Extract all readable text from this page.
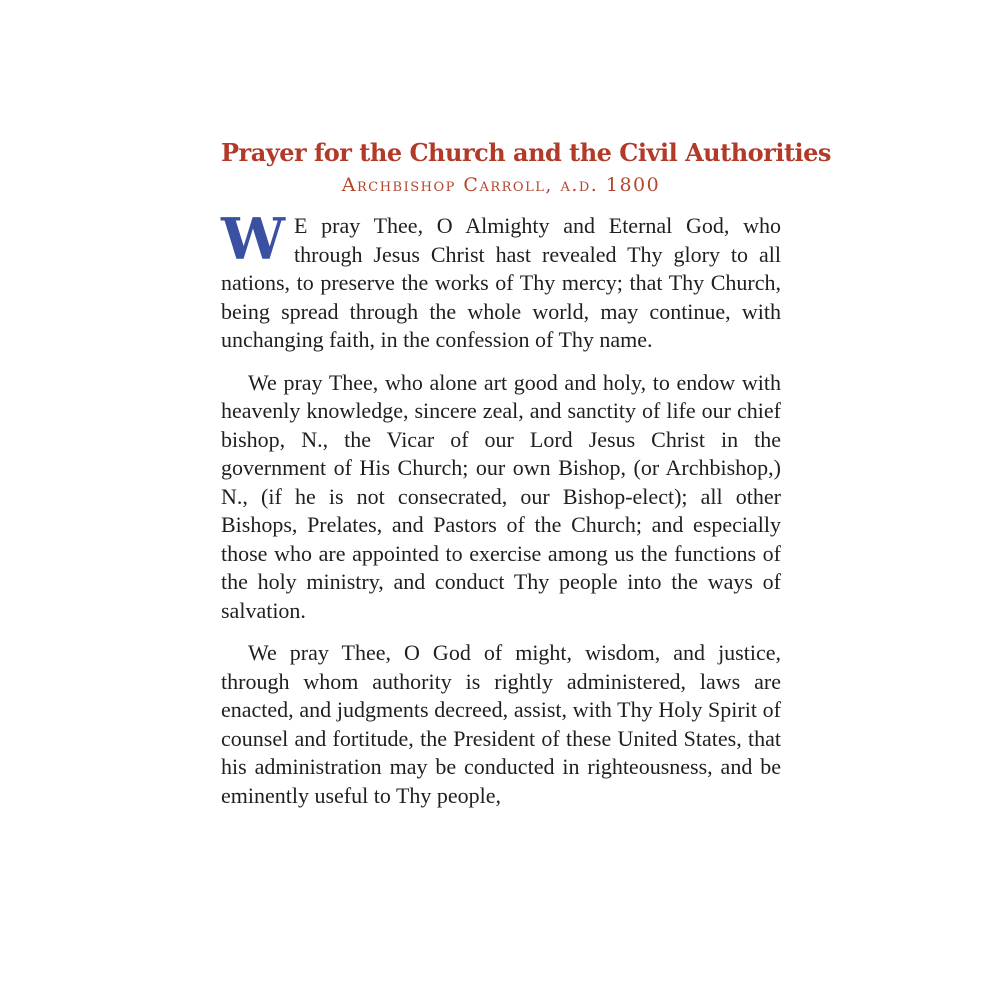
Prayer for the Church and the Civil Authorities
Archbishop Carroll, a.d. 1800

W E pray Thee, O Almighty and Eternal God, who through Jesus Christ hast revealed Thy glory to all nations, to preserve the works of Thy mercy; that Thy Church, being spread through the whole world, may continue, with unchanging faith, in the confession of Thy name.

We pray Thee, who alone art good and holy, to endow with heavenly knowledge, sincere zeal, and sanctity of life our chief bishop, N., the Vicar of our Lord Jesus Christ in the government of His Church; our own Bishop, (or Archbishop,) N., (if he is not consecrated, our Bishop-elect); all other Bishops, Prelates, and Pastors of the Church; and especially those who are appointed to exercise among us the functions of the holy ministry, and conduct Thy people into the ways of salvation.

We pray Thee, O God of might, wisdom, and justice, through whom authority is rightly administered, laws are enacted, and judgments decreed, assist, with Thy Holy Spirit of counsel and fortitude, the President of these United States, that his administration may be conducted in righteousness, and be eminently useful to Thy people,
